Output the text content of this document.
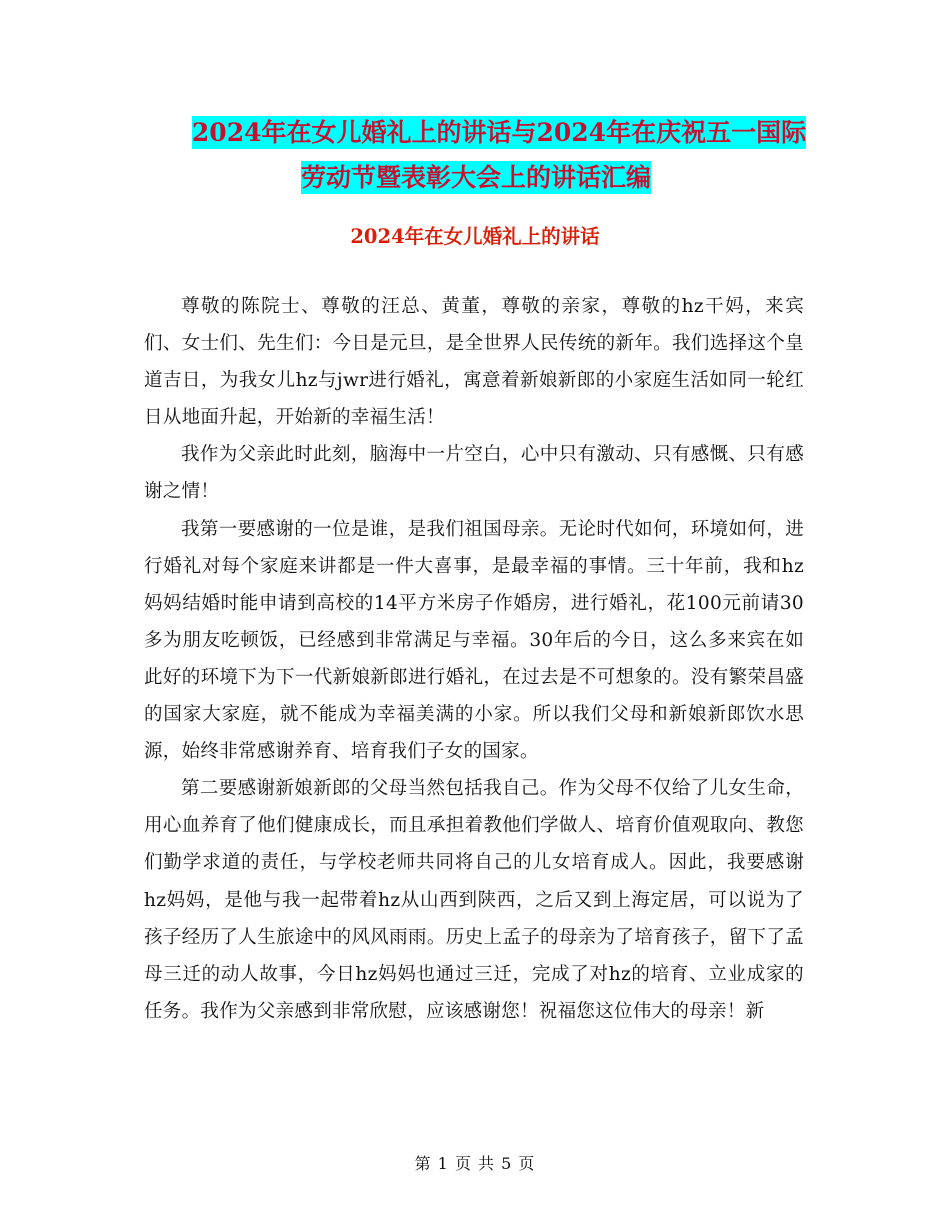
2024年在女儿婚礼上的讲话与2024年在庆祝五一国际
劳动节暨表彰大会上的讲话汇编
2024年在女儿婚礼上的讲话

尊敬的陈院士、尊敬的汪总、黄董，尊敬的亲家，尊敬的hz干妈，来宾们、女士们、先生们：今日是元旦，是全世界人民传统的新年。我们选择这个皇道吉日，为我女儿hz与jwr进行婚礼，寓意着新娘新郎的小家庭生活如同一轮红日从地面升起，开始新的幸福生活！

我作为父亲此时此刻，脑海中一片空白，心中只有激动、只有感慨、只有感谢之情！

我第一要感谢的一位是谁，是我们祖国母亲。无论时代如何，环境如何，进行婚礼对每个家庭来讲都是一件大喜事，是最幸福的事情。三十年前，我和hz妈妈结婚时能申请到高校的14平方米房子作婚房，进行婚礼，花100元前请30多为朋友吃顿饭，已经感到非常满足与幸福。30年后的今日，这么多来宾在如此好的环境下为下一代新娘新郎进行婚礼，在过去是不可想象的。没有繁荣昌盛的国家大家庭，就不能成为幸福美满的小家。所以我们父母和新娘新郎饮水思源，始终非常感谢养育、培育我们子女的国家。

第二要感谢新娘新郎的父母当然包括我自己。作为父母不仅给了儿女生命，用心血养育了他们健康成长，而且承担着教他们学做人、培育价值观取向、教您们勤学求道的责任，与学校老师共同将自己的儿女培育成人。因此，我要感谢hz妈妈，是他与我一起带着hz从山西到陕西，之后又到上海定居，可以说为了孩子经历了人生旅途中的风风雨雨。历史上孟子的母亲为了培育孩子，留下了孟母三迁的动人故事，今日hz妈妈也通过三迁，完成了对hz的培育、立业成家的任务。我作为父亲感到非常欣慰，应该感谢您！祝福您这位伟大的母亲！新

第 1 页 共 5 页
